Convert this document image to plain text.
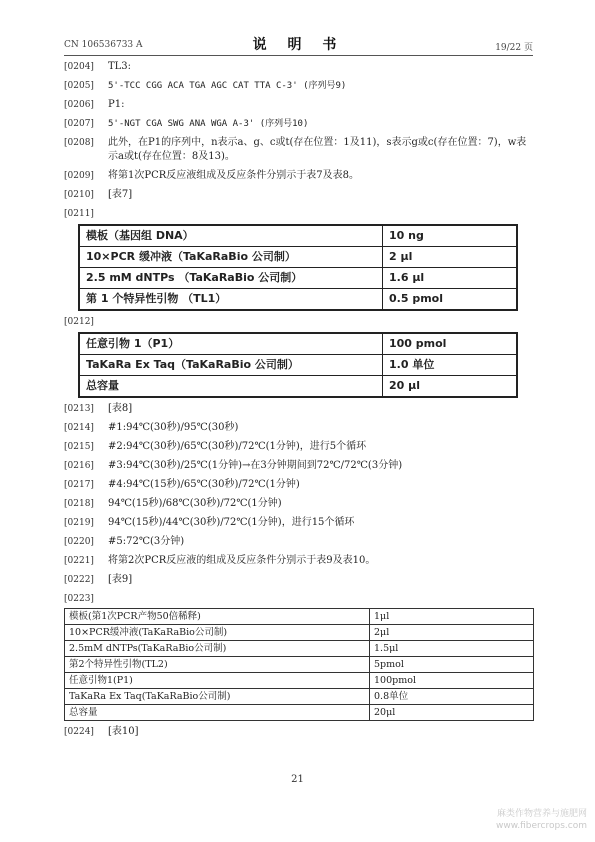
CN 106536733 A	说 明 书	19/22 页
[0204]	TL3:
[0205]	5'-TCC CGG ACA TGA AGC CAT TTA C-3' (序列号9)
[0206]	P1:
[0207]	5'-NGT CGA SWG ANA WGA A-3' (序列号10)
[0208]	此外，在P1的序列中，n表示a、g、c或t(存在位置：1及11)，s表示g或c(存在位置：7)，w表示a或t(存在位置：8及13)。
[0209]	将第1次PCR反应液组成及反应条件分别示于表7及表8。
[0210]	[表7]
[0211]
模板（基因组 DNA）	10 ng
10×PCR 缓冲液（TaKaRaBio 公司制）	2 μl
2.5 mM dNTPs （TaKaRaBio 公司制）	1.6 μl
第 1 个特异性引物 （TL1）	0.5 pmol
[0212]
任意引物 1（P1）	100 pmol
TaKaRa Ex Taq（TaKaRaBio 公司制）	1.0 单位
总容量	20 μl
[0213]	[表8]
[0214]	#1:94℃(30秒)/95℃(30秒)
[0215]	#2:94℃(30秒)/65℃(30秒)/72℃(1分钟)，进行5个循环
[0216]	#3:94℃(30秒)/25℃(1分钟)→在3分钟期间到72℃/72℃(3分钟)
[0217]	#4:94℃(15秒)/65℃(30秒)/72℃(1分钟)
[0218]	94℃(15秒)/68℃(30秒)/72℃(1分钟)
[0219]	94℃(15秒)/44℃(30秒)/72℃(1分钟)，进行15个循环
[0220]	#5:72℃(3分钟)
[0221]	将第2次PCR反应液的组成及反应条件分别示于表9及表10。
[0222]	[表9]
[0223]
模板(第1次PCR产物50倍稀释)	1μl
10×PCR缓冲液(TaKaRaBio公司制)	2μl
2.5mM dNTPs(TaKaRaBio公司制)	1.5μl
第2个特异性引物(TL2)	5pmol
任意引物1(P1)	100pmol
TaKaRa Ex Taq(TaKaRaBio公司制)	0.8单位
总容量	20μl
[0224]	[表10]
21
麻类作物营养与施肥网
www.fibercrops.com
